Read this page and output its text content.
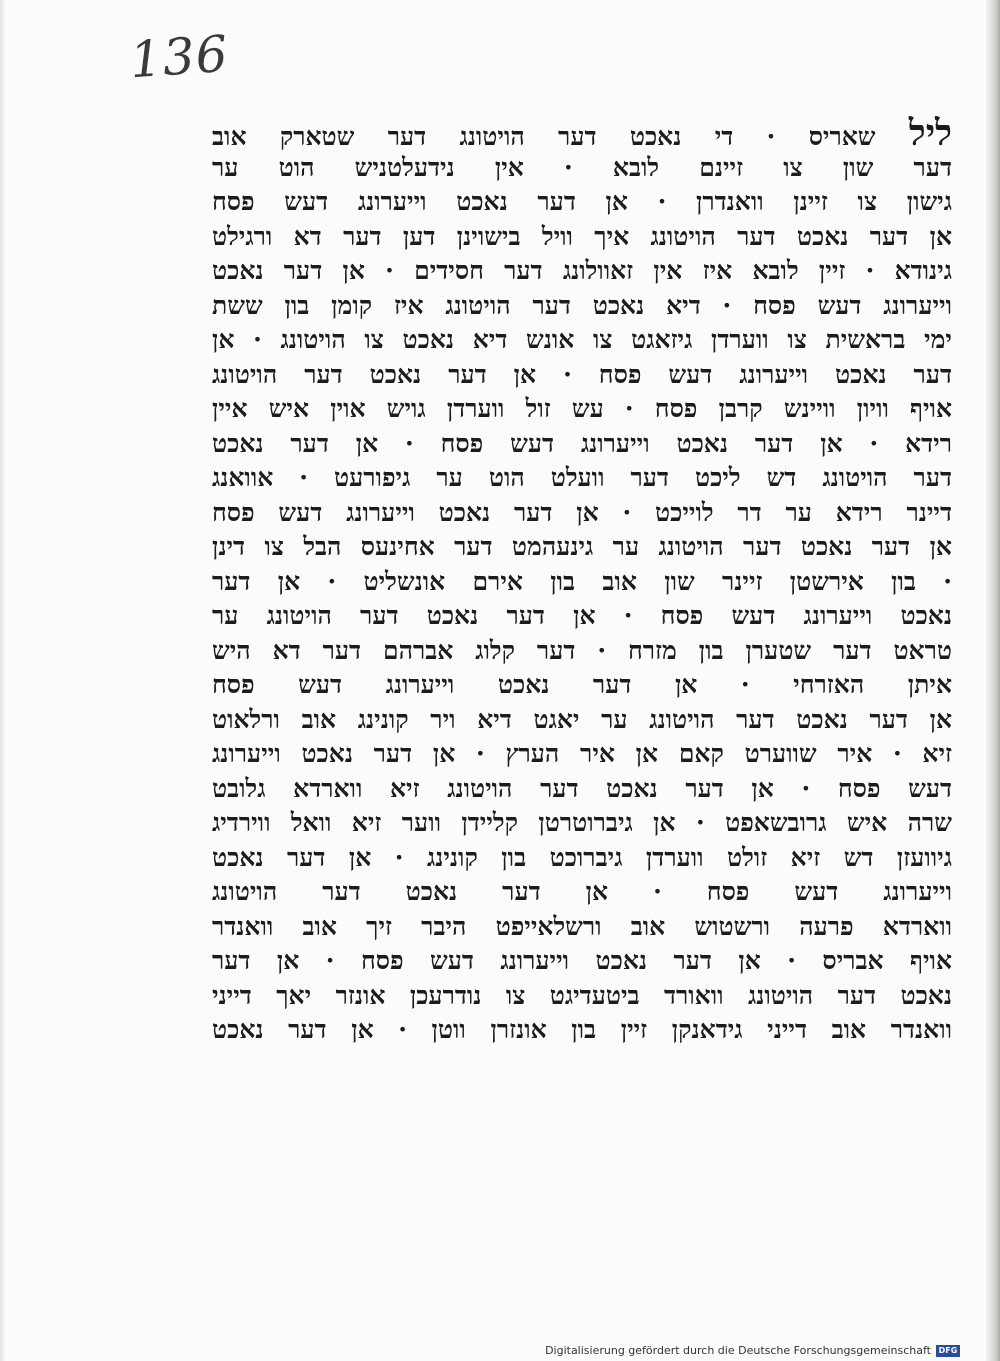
136
ליל שאריס · די נאכט דער הויטונג דער שטארק אוב
דער שון צו זיינם לובא · אין נידעלטניש הוט ער
גישון צו זיינן וואנדרן · אן דער נאכט וייערונג דעש פסח
אן דער נאכט דער הויטונג איך וויל בישוינן דען דער דא ורגילט
גינודא · זיין לובא איז אין זאוולונג דער חסידים · אן דער נאכט
וייערונג דעש פסח · דיא נאכט דער הויטונג איז קומן בון ששת
ימי בראשית צו ווערדן גיזאגט צו אונש דיא נאכט צו הויטונג · אן
דער נאכט וייערונג דעש פסח · אן דער נאכט דער הויטונג
אויף וויון וויינש קרבן פסח · עש זול ווערדן גויש אוין איש איין
רידא · אן דער נאכט וייערונג דעש פסח · אן דער נאכט
דער הויטונג דש ליכט דער וועלט הוט ער גיפורעט · אוואנג
דיינר רידא ער דר לוייכט · אן דער נאכט וייערונג דעש פסח
אן דער נאכט דער הויטונג ער גינעהמט דער אחינעס הבל צו דינן
· בון אירשטן זיינר שון אוב בון אירם אונשליט · אן דער
נאכט וייערונג דעש פסח · אן דער נאכט דער הויטונג ער
טראט דער שטערן בון מזרח · דער קלוג אברהם דער דא היש
איתן האזרחי · אן דער נאכט וייערונג דעש פסח
אן דער נאכט דער הויטונג ער יאגט דיא ויר קונינג אוב ורלאוט
זיא · איר שווערט קאם אן איר הערץ · אן דער נאכט וייערונג
דעש פסח · אן דער נאכט דער הויטונג זיא ווארדא גלובט
שרה איש גרובשאפט · אן גיברוטרטן קליידן ווער זיא וואל ווירדיג
גיוועזן דש זיא זולט ווערדן גיברוכט בון קונינג · אן דער נאכט
וייערונג דעש פסח · אן דער נאכט דער הויטונג
ווארדא פרעה ורשטוש אוב ורשלאייפט היבר זיך אוב וואנדר
אויף אבריס · אן דער נאכט וייערונג דעש פסח · אן דער
נאכט דער הויטונג וואורד ביטעדיגט צו נודרעכן אונזר יאך דייני
וואנדר אוב דייני גידאנקן זיין בון אונזרן ווטן · אן דער נאכט
Digitalisierung gefördert durch die Deutsche Forschungsgemeinschaft DFG
